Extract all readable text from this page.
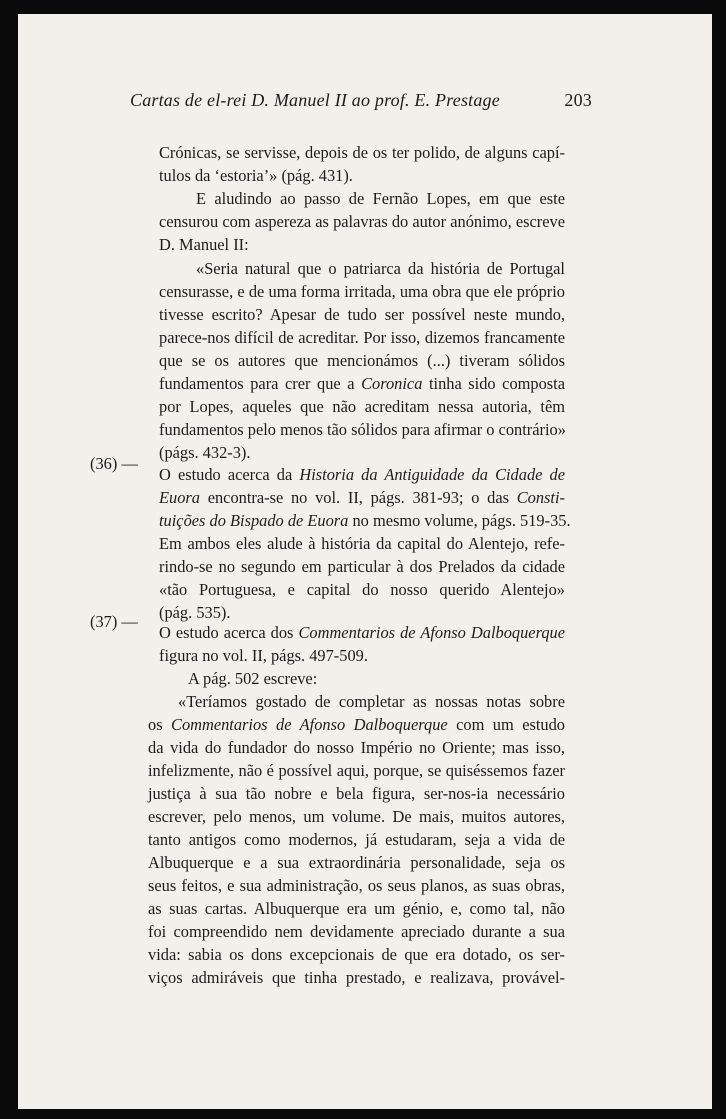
Cartas de el-rei D. Manuel II ao prof. E. Prestage	203
Crónicas, se servisse, depois de os ter polido, de alguns capí-
tulos da ‘estoria’» (pág. 431).
E aludindo ao passo de Fernão Lopes, em que este
censurou com aspereza as palavras do autor anónimo, escreve
D. Manuel II:
«Seria natural que o patriarca da história de Portugal
censurasse, e de uma forma irritada, uma obra que ele próprio
tivesse escrito? Apesar de tudo ser possível neste mundo,
parece-nos difícil de acreditar. Por isso, dizemos francamente
que se os autores que mencionámos (...) tiveram sólidos
fundamentos para crer que a Coronica tinha sido composta
por Lopes, aqueles que não acreditam nessa autoria, têm
fundamentos pelo menos tão sólidos para afirmar o contrário»
(págs. 432-3).
O estudo acerca da Historia da Antiguidade da Cidade de
Euora encontra-se no vol. II, págs. 381-93; o das Consti-
tuições do Bispado de Euora no mesmo volume, págs. 519-35.
Em ambos eles alude à história da capital do Alentejo, refe-
rindo-se no segundo em particular à dos Prelados da cidade
«tão Portuguesa, e capital do nosso querido Alentejo»
(pág. 535).
O estudo acerca dos Commentarios de Afonso Dalboquerque
figura no vol. II, págs. 497-509.
A pág. 502 escreve:
«Teríamos gostado de completar as nossas notas sobre
os Commentarios de Afonso Dalboquerque com um estudo
da vida do fundador do nosso Império no Oriente; mas isso,
infelizmente, não é possível aqui, porque, se quiséssemos fazer
justiça à sua tão nobre e bela figura, ser-nos-ia necessário
escrever, pelo menos, um volume. De mais, muitos autores,
tanto antigos como modernos, já estudaram, seja a vida de
Albuquerque e a sua extraordinária personalidade, seja os
seus feitos, e sua administração, os seus planos, as suas obras,
as suas cartas. Albuquerque era um génio, e, como tal, não
foi compreendido nem devidamente apreciado durante a sua
vida: sabia os dons excepcionais de que era dotado, os ser-
viços admiráveis que tinha prestado, e realizava, provável-
(36) —
(37) —
